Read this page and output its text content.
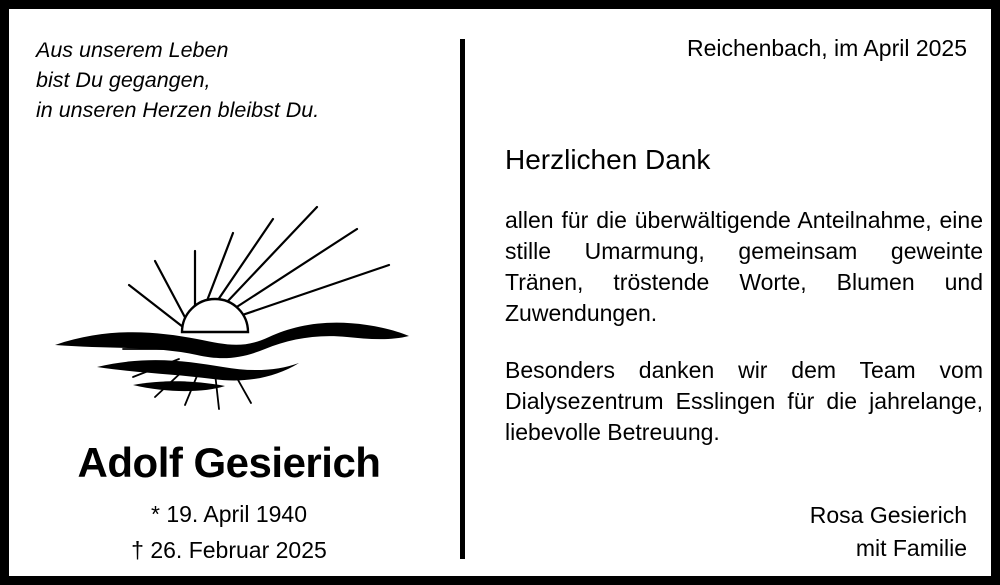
Aus unserem Leben
bist Du gegangen,
in unseren Herzen bleibst Du.
Adolf Gesierich
* 19. April 1940
† 26. Februar 2025
Reichenbach, im April 2025
Herzlichen Dank

allen für die überwältigende Anteilnahme, eine stille Umarmung, gemeinsam geweinte Tränen, tröstende Worte, Blumen und Zuwendungen.

Besonders danken wir dem Team vom Dialysezentrum Esslingen für die jahrelange, liebevolle Betreuung.

Rosa Gesierich
mit Familie
